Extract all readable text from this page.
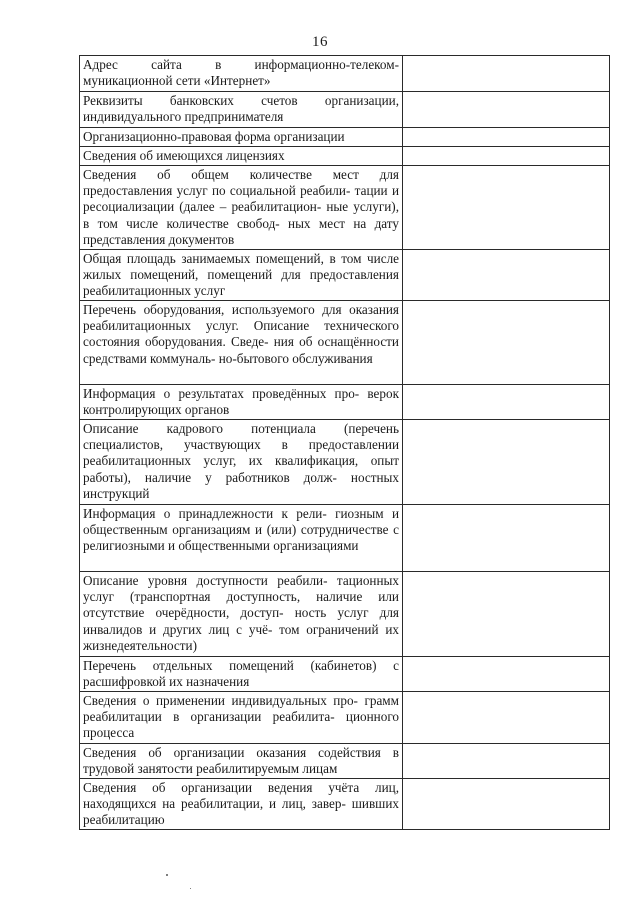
16
Адрес сайта в информационно-телеком- муникационной сети «Интернет»	

Реквизиты банковских счетов организации, индивидуального предпринимателя	

Организационно-правовая форма организации	

Сведения об имеющихся лицензиях	

Сведения об общем количестве мест для предоставления услуг по социальной реабили- тации и ресоциализации (далее – реабилитацион- ные услуги), в том числе количестве свобод- ных мест на дату представления документов	

Общая площадь занимаемых помещений, в том числе жилых помещений, помещений для предоставления реабилитационных услуг	

Перечень оборудования, используемого для оказания реабилитационных услуг. Описание технического состояния оборудования. Сведе- ния об оснащённости средствами коммуналь- но-бытового обслуживания	

Информация о результатах проведённых про- верок контролирующих органов	

Описание кадрового потенциала (перечень специалистов, участвующих в предоставлении реабилитационных услуг, их квалификация, опыт работы), наличие у работников долж- ностных инструкций	

Информация о принадлежности к рели- гиозным и общественным организациям и (или) сотрудничестве с религиозными и общественными организациями	

Описание уровня доступности реабили- тационных услуг (транспортная доступность, наличие или отсутствие очерёдности, доступ- ность услуг для инвалидов и других лиц с учё- том ограничений их жизнедеятельности)	

Перечень отдельных помещений (кабинетов) с расшифровкой их назначения	

Сведения о применении индивидуальных про- грамм реабилитации в организации реабилита- ционного процесса	

Сведения об организации оказания содействия в трудовой занятости реабилитируемым лицам	

Сведения об организации ведения учёта лиц, находящихся на реабилитации, и лиц, завер- шивших реабилитацию	
